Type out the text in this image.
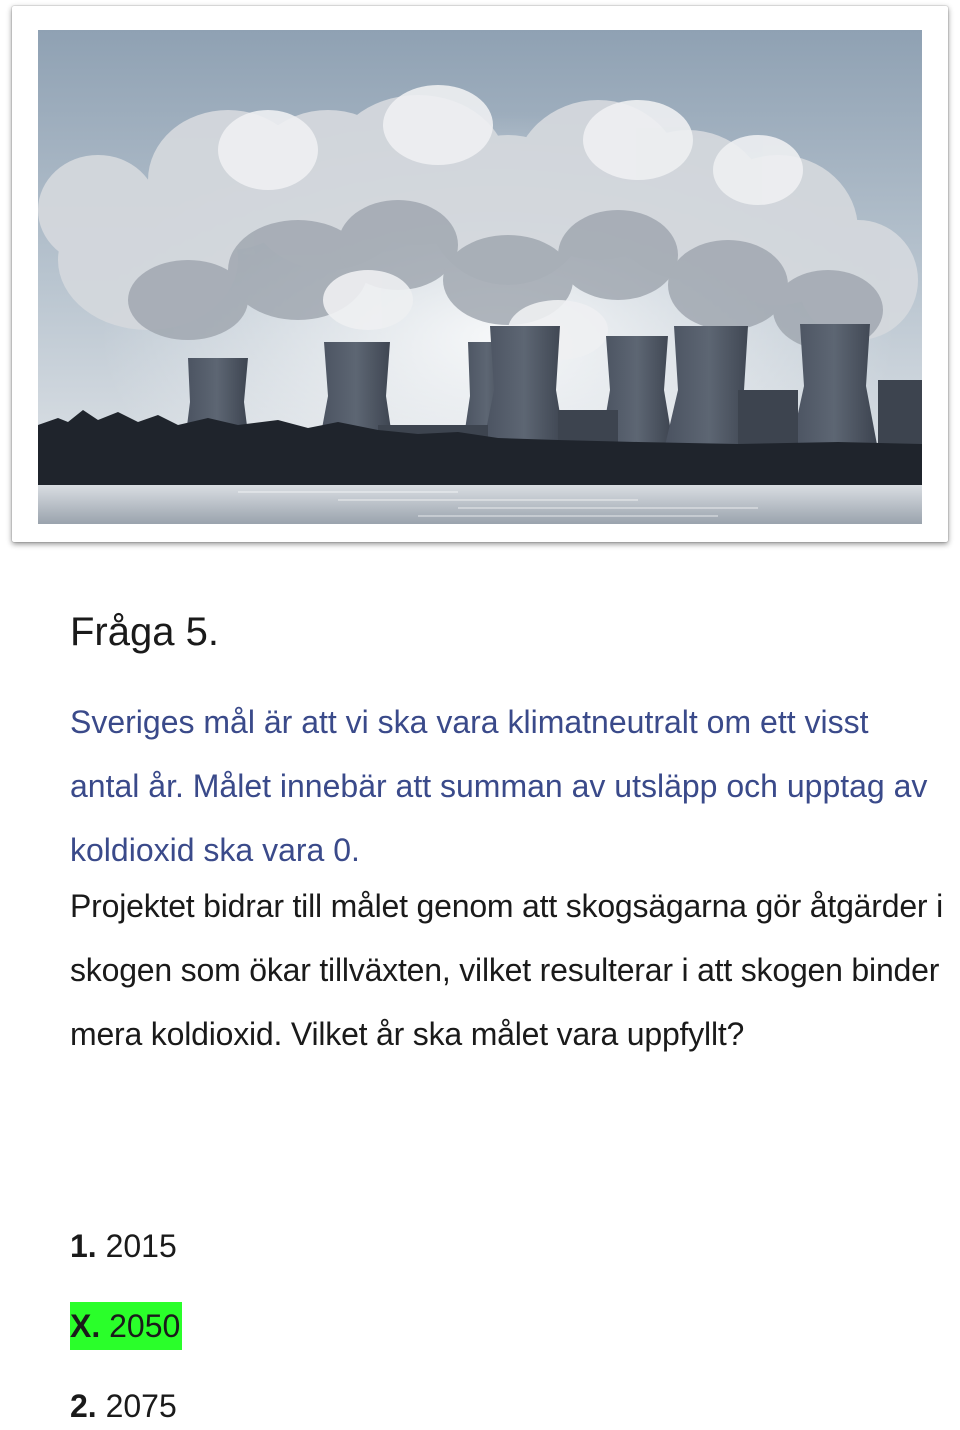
Fråga 5.

Sveriges mål är att vi ska vara klimatneutralt om ett visst antal år. Målet innebär att summan av utsläpp och upptag av koldioxid ska vara 0.

Projektet bidrar till målet genom att skogsägarna gör åtgärder i skogen som ökar tillväxten, vilket resulterar i att skogen binder mera koldioxid. Vilket år ska målet vara uppfyllt?

1. 2015
X. 2050
2. 2075
